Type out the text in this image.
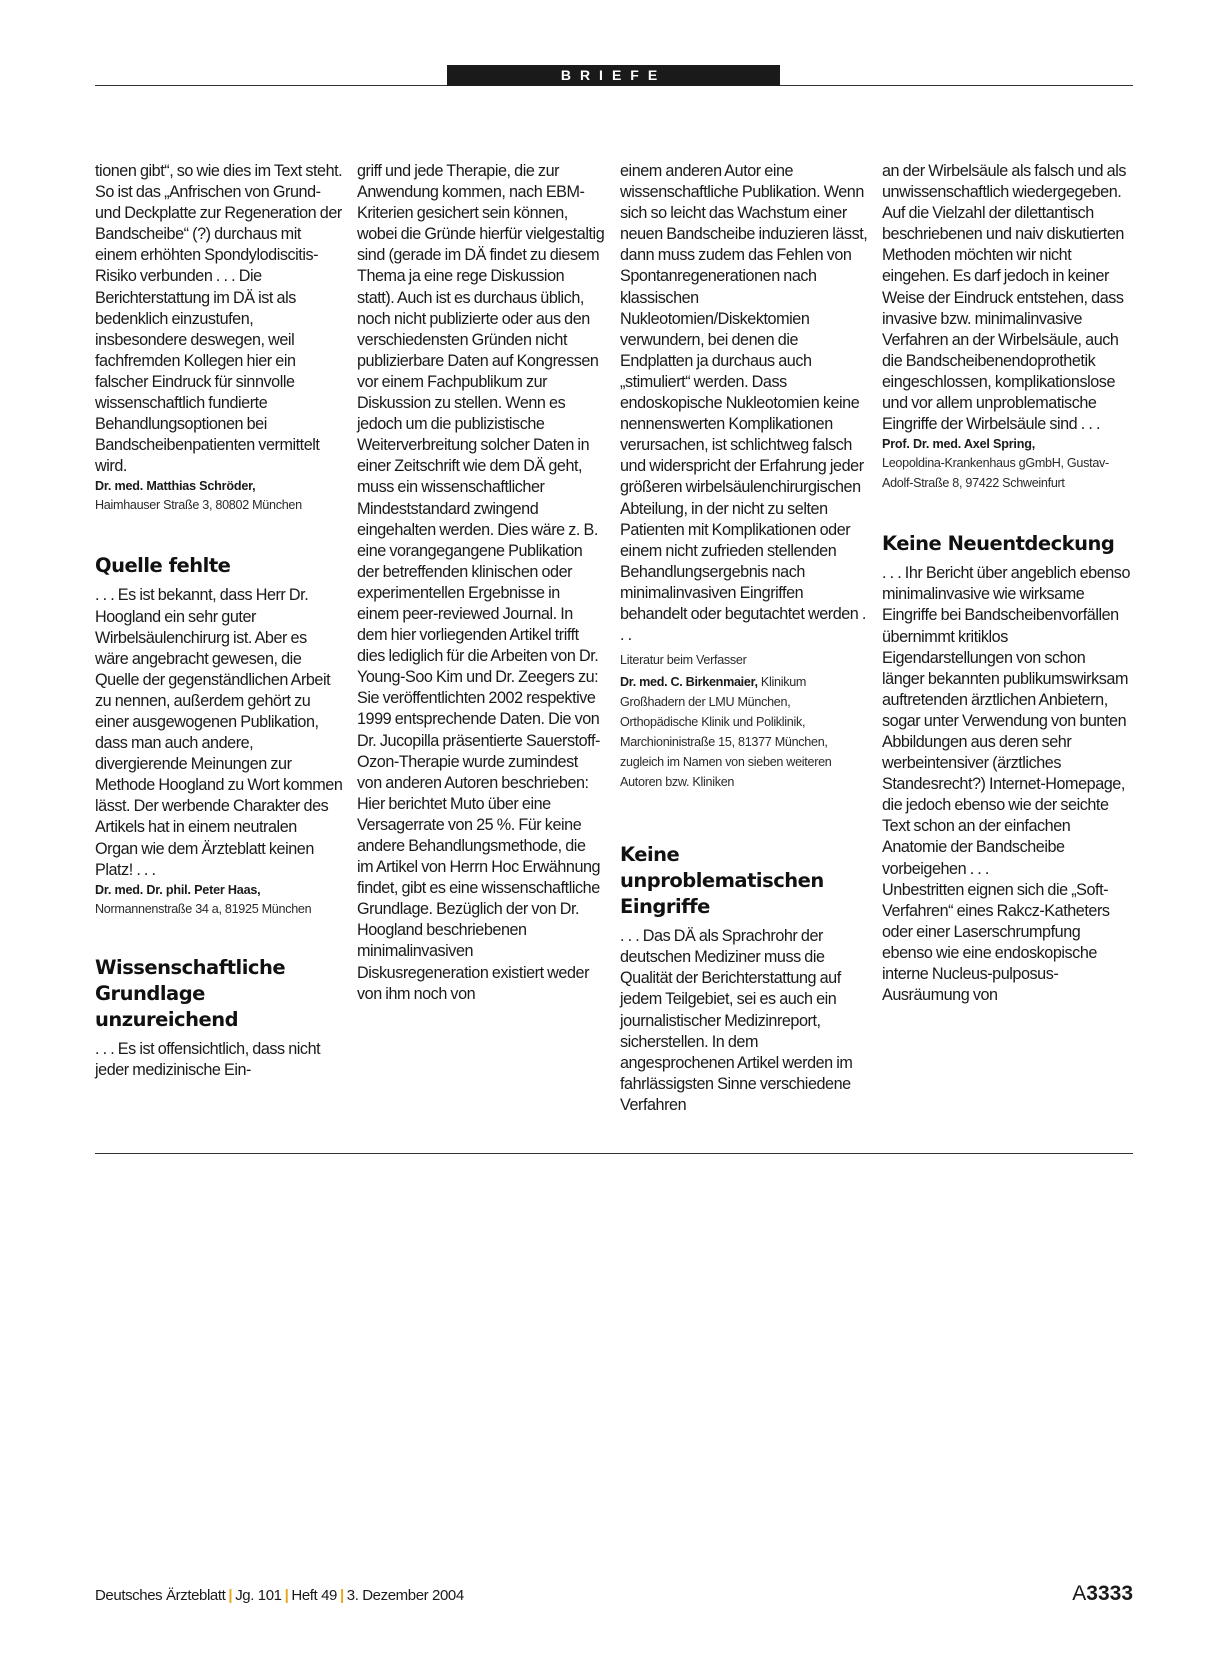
BRIEFE

tionen gibt“, so wie dies im Text steht. So ist das „Anfrischen von Grund- und Deckplatte zur Regeneration der Bandscheibe“ (?) durchaus mit einem erhöhten Spondylodiscitis-Risiko verbunden . . . Die Berichterstattung im DÄ ist als bedenklich einzustufen, insbesondere deswegen, weil fachfremden Kollegen hier ein falscher Eindruck für sinnvolle wissenschaftlich fundierte Behandlungsoptionen bei Bandscheibenpatienten vermittelt wird.

Dr. med. Matthias Schröder,

Haimhauser Straße 3, 80802 München

Quelle fehlte

. . . Es ist bekannt, dass Herr Dr. Hoogland ein sehr guter Wirbelsäulenchirurg ist. Aber es wäre angebracht gewesen, die Quelle der gegenständlichen Arbeit zu nennen, außerdem gehört zu einer ausgewogenen Publikation, dass man auch andere, divergierende Meinungen zur Methode Hoogland zu Wort kommen lässt. Der werbende Charakter des Artikels hat in einem neutralen Organ wie dem Ärzteblatt keinen Platz! . . .

Dr. med. Dr. phil. Peter Haas,

Normannenstraße 34 a, 81925 München

Wissenschaftliche Grundlage unzureichend

. . . Es ist offensichtlich, dass nicht jeder medizinische Ein-

griff und jede Therapie, die zur Anwendung kommen, nach EBM-Kriterien gesichert sein können, wobei die Gründe hierfür vielgestaltig sind (gerade im DÄ findet zu diesem Thema ja eine rege Diskussion statt). Auch ist es durchaus üblich, noch nicht publizierte oder aus den verschiedensten Gründen nicht publizierbare Daten auf Kongressen vor einem Fachpublikum zur Diskussion zu stellen. Wenn es jedoch um die publizistische Weiterverbreitung solcher Daten in einer Zeitschrift wie dem DÄ geht, muss ein wissenschaftlicher Mindeststandard zwingend eingehalten werden. Dies wäre z. B. eine vorangegangene Publikation der betreffenden klinischen oder experimentellen Ergebnisse in einem peer-reviewed Journal. In dem hier vorliegenden Artikel trifft dies lediglich für die Arbeiten von Dr. Young-Soo Kim und Dr. Zeegers zu: Sie veröffentlichten 2002 respektive 1999 entsprechende Daten. Die von Dr. Jucopilla präsentierte Sauerstoff-Ozon-Therapie wurde zumindest von anderen Autoren beschrieben: Hier berichtet Muto über eine Versagerrate von 25 %. Für keine andere Behandlungsmethode, die im Artikel von Herrn Hoc Erwähnung findet, gibt es eine wissenschaftliche Grundlage. Bezüglich der von Dr. Hoogland beschriebenen minimalinvasiven Diskusregeneration existiert weder von ihm noch von

einem anderen Autor eine wissenschaftliche Publikation. Wenn sich so leicht das Wachstum einer neuen Bandscheibe induzieren lässt, dann muss zudem das Fehlen von Spontanregenerationen nach klassischen Nukleotomien/Diskektomien verwundern, bei denen die Endplatten ja durchaus auch „stimuliert“ werden. Dass endoskopische Nukleotomien keine nennenswerten Komplikationen verursachen, ist schlichtweg falsch und widerspricht der Erfahrung jeder größeren wirbelsäulenchirurgischen Abteilung, in der nicht zu selten Patienten mit Komplikationen oder einem nicht zufrieden stellenden Behandlungsergebnis nach minimalinvasiven Eingriffen behandelt oder begutachtet werden . . .

Literatur beim Verfasser

Dr. med. C. Birkenmaier, Klinikum Großhadern der LMU München, Orthopädische Klinik und Poliklinik, Marchioninistraße 15, 81377 München, zugleich im Namen von sieben weiteren Autoren bzw. Kliniken

Keine unproblematischen Eingriffe

. . . Das DÄ als Sprachrohr der deutschen Mediziner muss die Qualität der Berichterstattung auf jedem Teilgebiet, sei es auch ein journalistischer Medizinreport, sicherstellen. In dem angesprochenen Artikel werden im fahrlässigsten Sinne verschiedene Verfahren

an der Wirbelsäule als falsch und als unwissenschaftlich wiedergegeben. Auf die Vielzahl der dilettantisch beschriebenen und naiv diskutierten Methoden möchten wir nicht eingehen. Es darf jedoch in keiner Weise der Eindruck entstehen, dass invasive bzw. minimalinvasive Verfahren an der Wirbelsäule, auch die Bandscheibenendoprothetik eingeschlossen, komplikationslose und vor allem unproblematische Eingriffe der Wirbelsäule sind . . .

Prof. Dr. med. Axel Spring,

Leopoldina-Krankenhaus gGmbH, Gustav-Adolf-Straße 8, 97422 Schweinfurt

Keine Neuentdeckung

. . . Ihr Bericht über angeblich ebenso minimalinvasive wie wirksame Eingriffe bei Bandscheibenvorfällen übernimmt kritiklos Eigendarstellungen von schon länger bekannten publikumswirksam auftretenden ärztlichen Anbietern, sogar unter Verwendung von bunten Abbildungen aus deren sehr werbeintensiver (ärztliches Standesrecht?) Internet-Homepage, die jedoch ebenso wie der seichte Text schon an der einfachen Anatomie der Bandscheibe vorbeigehen . . .

Unbestritten eignen sich die „Soft-Verfahren“ eines Rakcz-Katheters oder einer Laserschrumpfung ebenso wie eine endoskopische interne Nucleus-pulposus-Ausräumung von

Deutsches Ärzteblatt | Jg. 101 | Heft 49 | 3. Dezember 2004	A3333
